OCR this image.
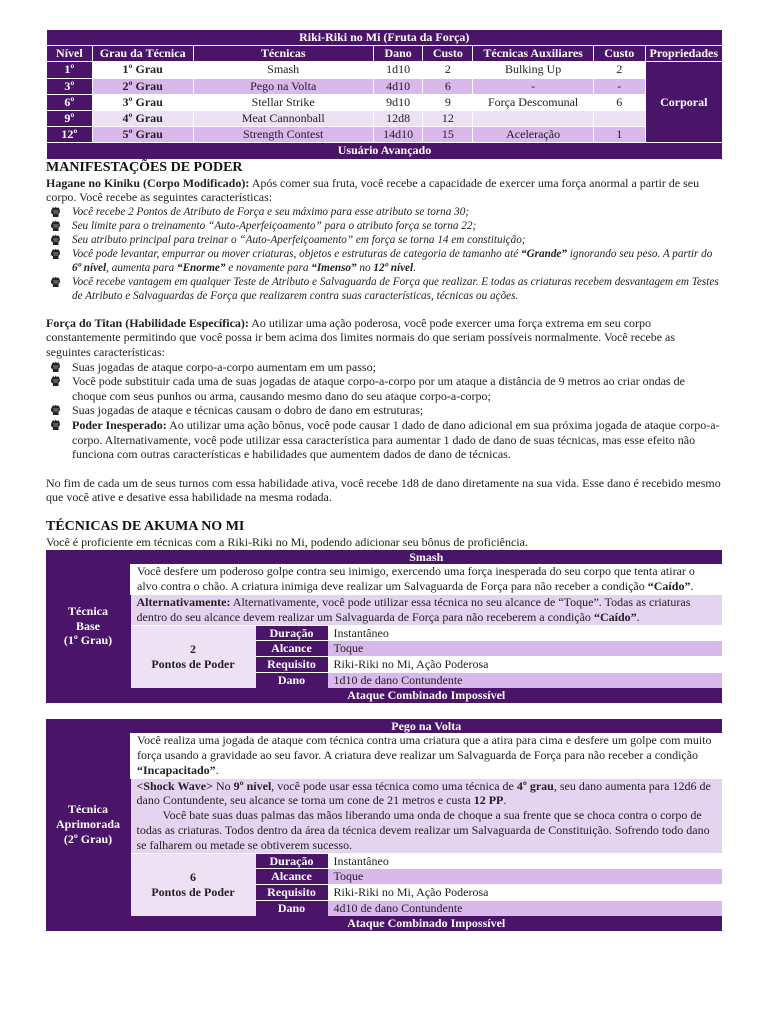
Riki-Riki no Mi (Fruta da Força)							
Nível	Grau da Técnica	Técnicas	Dano	Custo	Técnicas Auxiliares	Custo	Propriedades
1º	1º Grau	Smash	1d10	2	Bulking Up	2	Corporal
3º	2º Grau	Pego na Volta	4d10	6	-	-	
6º	3º Grau	Stellar Strike	9d10	9	Força Descomunal	6	
9º	4º Grau	Meat Cannonball	12d8	12			
12º	5º Grau	Strength Contest	14d10	15	Aceleração	1	
Usuário Avançado							
MANIFESTAÇÕES DE PODER

Hagane no Kiniku (Corpo Modificado): Após comer sua fruta, você recebe a capacidade de exercer uma força anormal a partir de seu corpo. Você recebe as seguintes características:

Você recebe 2 Pontos de Atributo de Força e seu máximo para esse atributo se torna 30;
Seu limite para o treinamento “Auto-Aperfeiçoamento” para o atributo força se torna 22;
Seu atributo principal para treinar o “Auto-Aperfeiçoamento” em força se torna 14 em constituição;
Você pode levantar, empurrar ou mover criaturas, objetos e estruturas de categoria de tamanho até “Grande” ignorando seu peso. A partir do 6º nível, aumenta para “Enorme” e novamente para “Imenso” no 12º nível.
Você recebe vantagem em qualquer Teste de Atributo e Salvaguarda de Força que realizar. E todas as criaturas recebem desvantagem em Testes de Atributo e Salvaguardas de Força que realizarem contra suas características, técnicas ou ações.

Força do Titan (Habilidade Específica): Ao utilizar uma ação poderosa, você pode exercer uma força extrema em seu corpo constantemente permitindo que você possa ir bem acima dos limites normais do que seriam possíveis normalmente. Você recebe as seguintes características:

Suas jogadas de ataque corpo-a-corpo aumentam em um passo;
Você pode substituir cada uma de suas jogadas de ataque corpo-a-corpo por um ataque a distância de 9 metros ao criar ondas de choque com seus punhos ou arma, causando mesmo dano do seu ataque corpo-a-corpo;
Suas jogadas de ataque e técnicas causam o dobro de dano em estruturas;
Poder Inesperado: Ao utilizar uma ação bônus, você pode causar 1 dado de dano adicional em sua próxima jogada de ataque corpo-a-corpo. Alternativamente, você pode utilizar essa característica para aumentar 1 dado de dano de suas técnicas, mas esse efeito não funciona com outras características e habilidades que aumentem dados de dano de técnicas.

No fim de cada um de seus turnos com essa habilidade ativa, você recebe 1d8 de dano diretamente na sua vida. Esse dano é recebido mesmo que você ative e desative essa habilidade na mesma rodada.

TÉCNICAS DE AKUMA NO MI

Você é proficiente em técnicas com a Riki-Riki no Mi, podendo adicionar seu bônus de proficiência.

Técnica
Base
(1º Grau)	Smash		
	Você desfere um poderoso golpe contra seu inimigo, exercendo uma força inesperada do seu corpo que tenta atirar o alvo contra o chão. A criatura inimiga deve realizar um Salvaguarda de Força para não receber a condição “Caído”.		
	Alternativamente: Alternativamente, você pode utilizar essa técnica no seu alcance de “Toque”. Todas as criaturas dentro do seu alcance devem realizar um Salvaguarda de Força para não receberem a condição “Caído”.		
	2
Pontos de Poder	Duração	Instantâneo
		Alcance	Toque
		Requisito	Riki-Riki no Mi, Ação Poderosa
		Dano	1d10 de dano Contundente
	Ataque Combinado Impossível		
Técnica
Aprimorada
(2º Grau)	Pego na Volta		
	Você realiza uma jogada de ataque com técnica contra uma criatura que a atira para cima e desfere um golpe com muito força usando a gravidade ao seu favor. A criatura deve realizar um Salvaguarda de Força para não receber a condição “Incapacitado”.		
	<Shock Wave> No 9º nível, você pode usar essa técnica como uma técnica de 4º grau, seu dano aumenta para 12d6 de dano Contundente, seu alcance se torna um cone de 21 metros e custa 12 PP.
Você bate suas duas palmas das mãos liberando uma onda de choque a sua frente que se choca contra o corpo de todas as criaturas. Todos dentro da área da técnica devem realizar um Salvaguarda de Constituição. Sofrendo todo dano se falharem ou metade se obtiverem sucesso.		
	6
Pontos de Poder	Duração	Instantâneo
		Alcance	Toque
		Requisito	Riki-Riki no Mi, Ação Poderosa
		Dano	4d10 de dano Contundente
	Ataque Combinado Impossível		
